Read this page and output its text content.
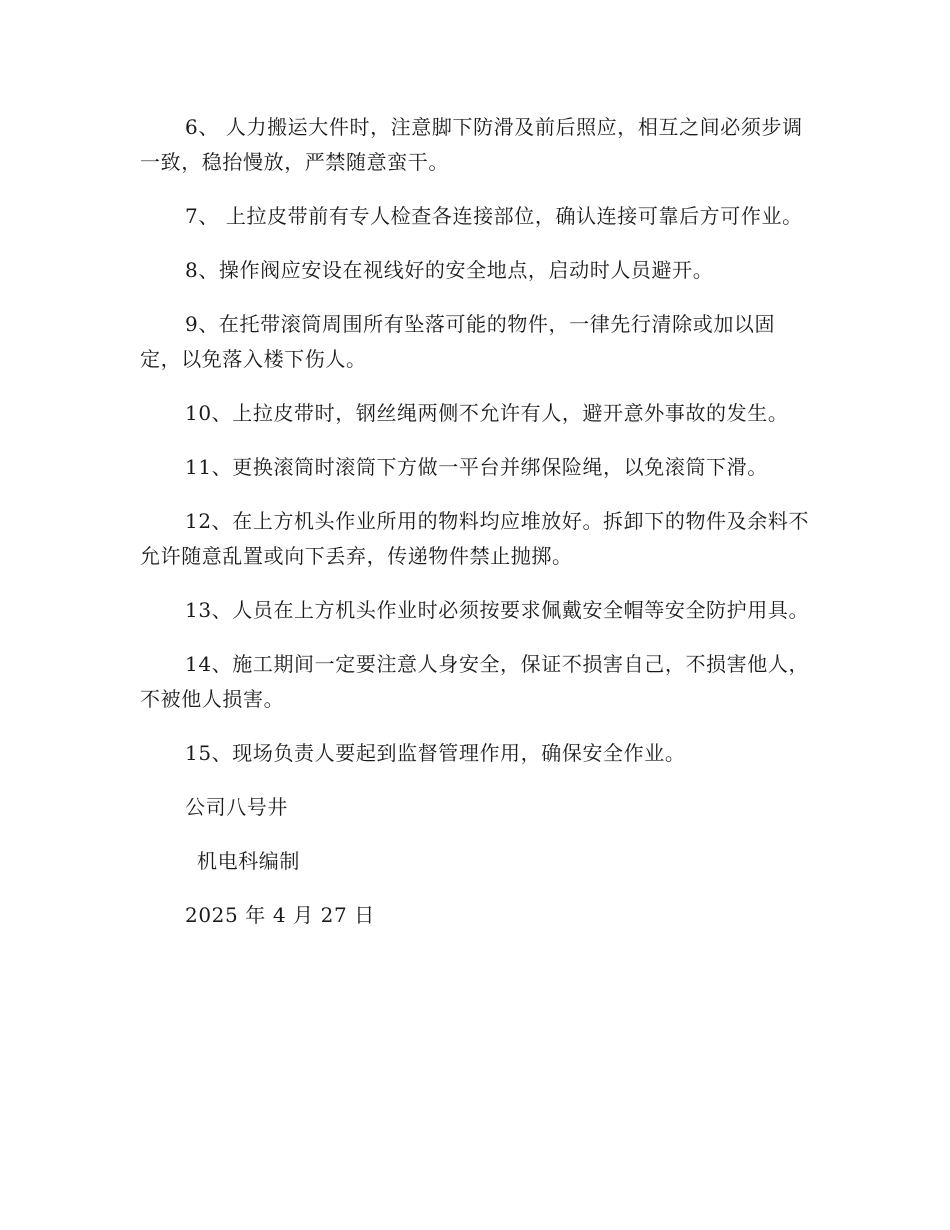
6、 人力搬运大件时，注意脚下防滑及前后照应，相互之间必须步调一致，稳抬慢放，严禁随意蛮干。

7、 上拉皮带前有专人检查各连接部位，确认连接可靠后方可作业。

8、操作阀应安设在视线好的安全地点，启动时人员避开。

9、在托带滚筒周围所有坠落可能的物件，一律先行清除或加以固定，以免落入楼下伤人。

10、上拉皮带时，钢丝绳两侧不允许有人，避开意外事故的发生。

11、更换滚筒时滚筒下方做一平台并绑保险绳，以免滚筒下滑。

12、在上方机头作业所用的物料均应堆放好。拆卸下的物件及余料不允许随意乱置或向下丢弃，传递物件禁止抛掷。

13、人员在上方机头作业时必须按要求佩戴安全帽等安全防护用具。

14、施工期间一定要注意人身安全，保证不损害自己，不损害他人，不被他人损害。

15、现场负责人要起到监督管理作用，确保安全作业。

公司八号井
机电科编制
2025 年 4 月 27 日
